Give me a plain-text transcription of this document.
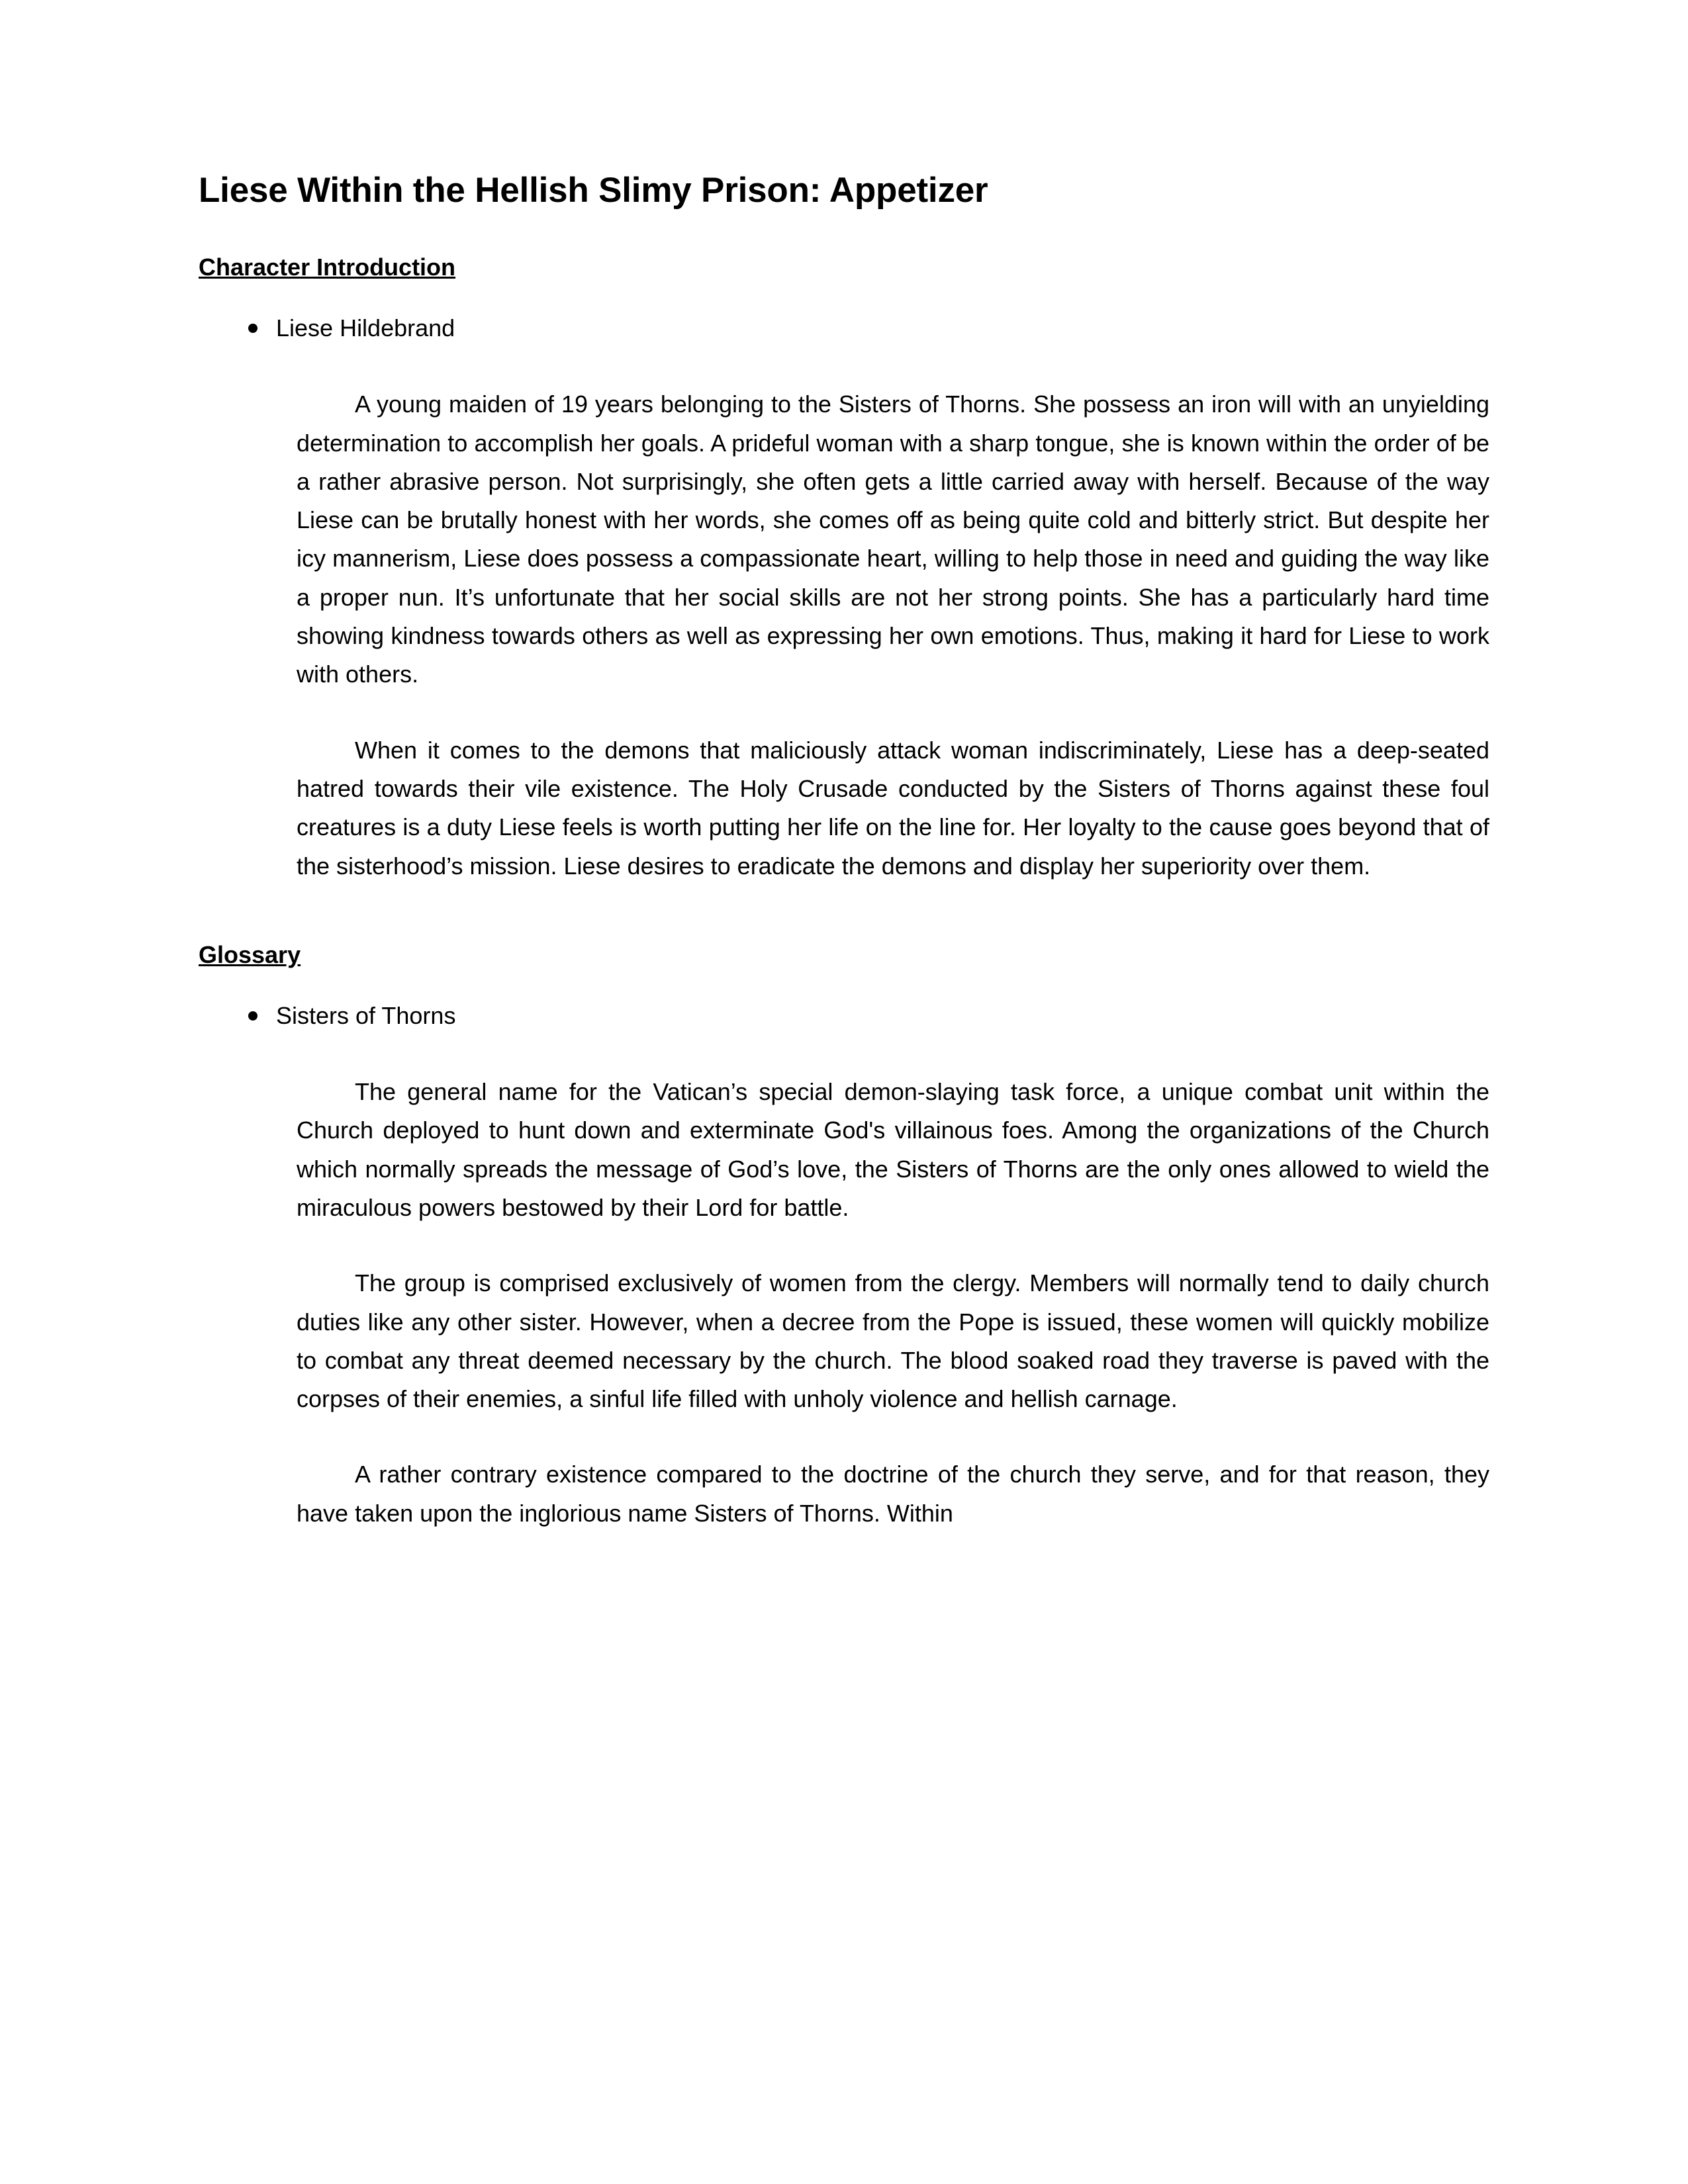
Liese Within the Hellish Slimy Prison: Appetizer
Character Introduction
Liese Hildebrand

A young maiden of 19 years belonging to the Sisters of Thorns. She possess an iron will with an unyielding determination to accomplish her goals. A prideful woman with a sharp tongue, she is known within the order of be a rather abrasive person. Not surprisingly, she often gets a little carried away with herself. Because of the way Liese can be brutally honest with her words, she comes off as being quite cold and bitterly strict. But despite her icy mannerism, Liese does possess a compassionate heart, willing to help those in need and guiding the way like a proper nun. It’s unfortunate that her social skills are not her strong points. She has a particularly hard time showing kindness towards others as well as expressing her own emotions. Thus, making it hard for Liese to work with others.

When it comes to the demons that maliciously attack woman indiscriminately, Liese has a deep-seated hatred towards their vile existence. The Holy Crusade conducted by the Sisters of Thorns against these foul creatures is a duty Liese feels is worth putting her life on the line for. Her loyalty to the cause goes beyond that of the sisterhood’s mission. Liese desires to eradicate the demons and display her superiority over them.

Glossary
Sisters of Thorns

The general name for the Vatican’s special demon-slaying task force, a unique combat unit within the Church deployed to hunt down and exterminate God's villainous foes. Among the organizations of the Church which normally spreads the message of God’s love, the Sisters of Thorns are the only ones allowed to wield the miraculous powers bestowed by their Lord for battle.

The group is comprised exclusively of women from the clergy. Members will normally tend to daily church duties like any other sister. However, when a decree from the Pope is issued, these women will quickly mobilize to combat any threat deemed necessary by the church. The blood soaked road they traverse is paved with the corpses of their enemies, a sinful life filled with unholy violence and hellish carnage.

A rather contrary existence compared to the doctrine of the church they serve, and for that reason, they have taken upon the inglorious name Sisters of Thorns. Within
